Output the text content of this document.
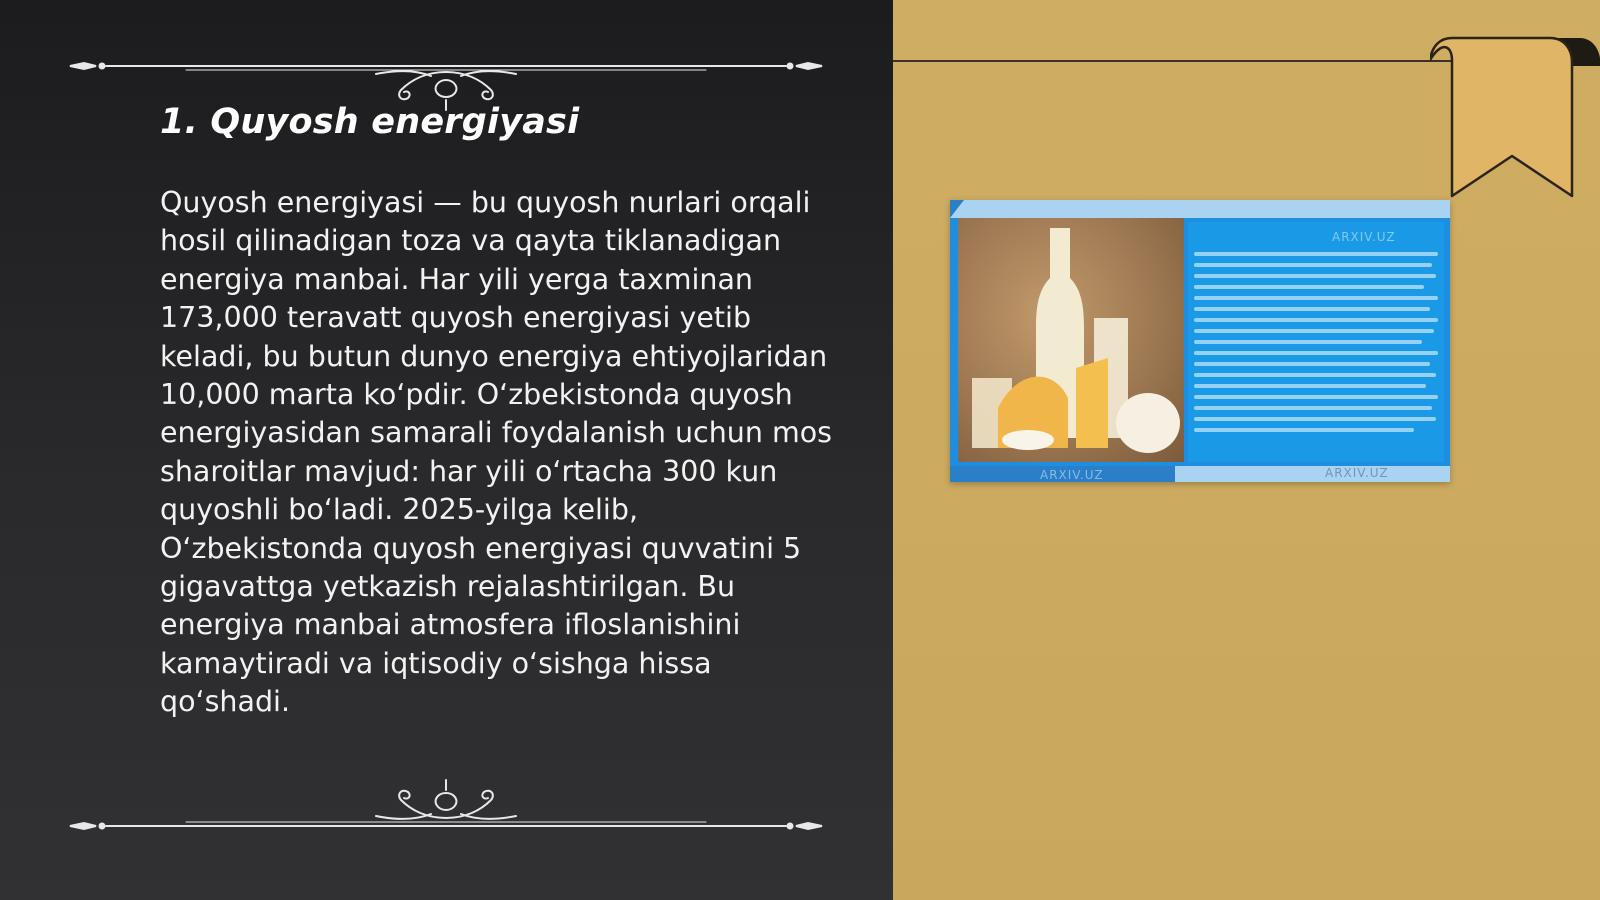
1. Quyosh energiyasi

Quyosh energiyasi — bu quyosh nurlari orqali hosil qilinadigan toza va qayta tiklanadigan energiya manbai. Har yili yerga taxminan 173,000 teravatt quyosh energiyasi yetib keladi, bu butun dunyo energiya ehtiyojlaridan 10,000 marta koʻpdir. Oʻzbekistonda quyosh energiyasidan samarali foydalanish uchun mos sharoitlar mavjud: har yili oʻrtacha 300 kun quyoshli boʻladi. 2025-yilga kelib, Oʻzbekistonda quyosh energiyasi quvvatini 5 gigavattga yetkazish rejalashtirilgan. Bu energiya manbai atmosfera ifloslanishini kamaytiradi va iqtisodiy oʻsishga hissa qoʻshadi.

ARXIV.UZ
ARXIV.UZ	ARXIV.UZ
